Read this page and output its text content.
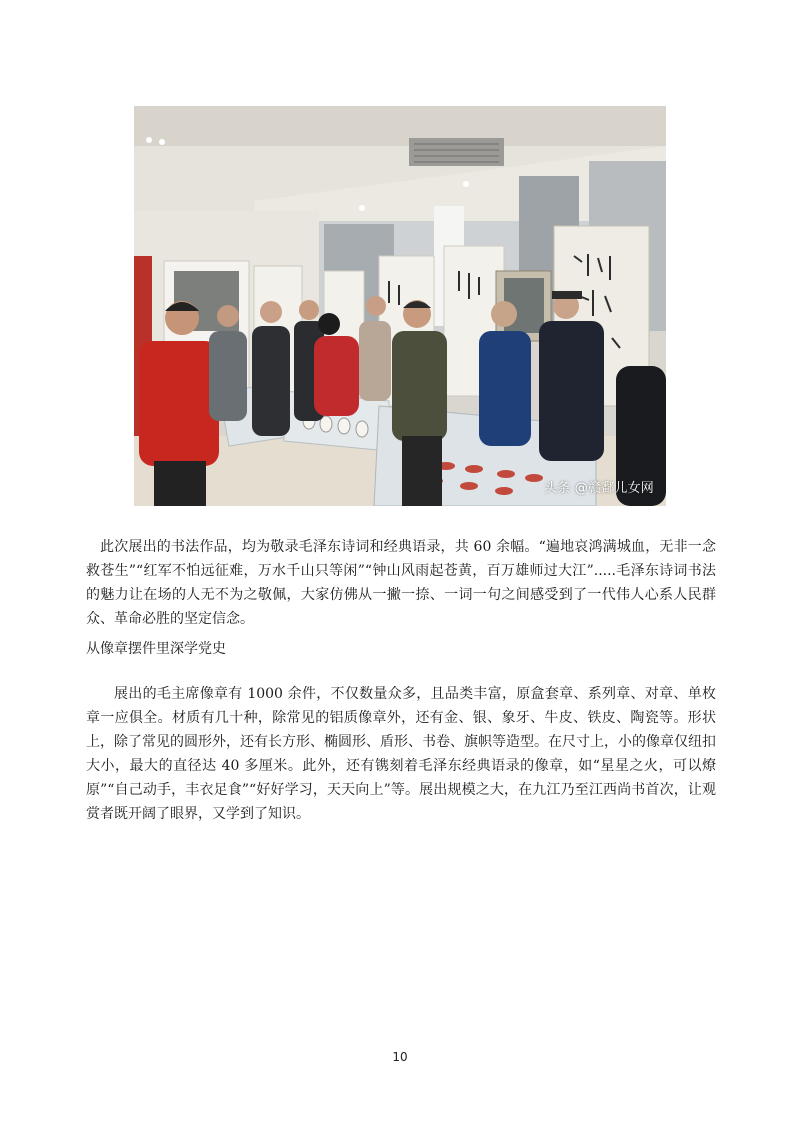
头条 @赣鄱儿女网

此次展出的书法作品，均为敬录毛泽东诗词和经典语录，共 60 余幅。“遍地哀鸿满城血，无非一念救苍生”“红军不怕远征难，万水千山只等闲”“钟山风雨起苍黄，百万雄师过大江”.....毛泽东诗词书法的魅力让在场的人无不为之敬佩，大家仿佛从一撇一捺、一词一句之间感受到了一代伟人心系人民群众、革命必胜的坚定信念。

从像章摆件里深学党史

展出的毛主席像章有 1000 余件，不仅数量众多，且品类丰富，原盒套章、系列章、对章、单枚章一应俱全。材质有几十种，除常见的铝质像章外，还有金、银、象牙、牛皮、铁皮、陶瓷等。形状上，除了常见的圆形外，还有长方形、椭圆形、盾形、书卷、旗帜等造型。在尺寸上，小的像章仅纽扣大小，最大的直径达 40 多厘米。此外，还有镌刻着毛泽东经典语录的像章，如“星星之火，可以燎原”“自己动手，丰衣足食”“好好学习，天天向上”等。展出规模之大，在九江乃至江西尚书首次，让观赏者既开阔了眼界，又学到了知识。

10
